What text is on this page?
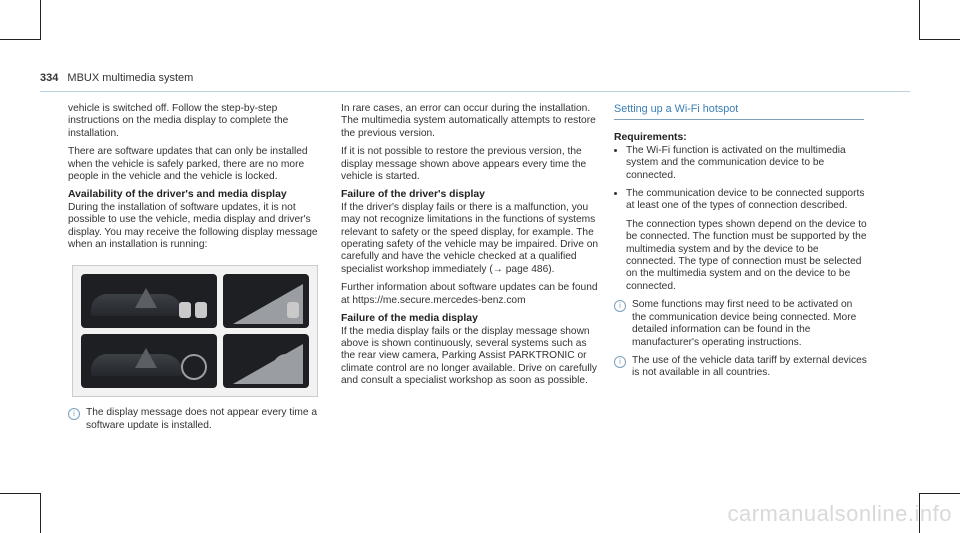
334 MBUX multimedia system

vehicle is switched off. Follow the step-by-step instructions on the media display to complete the installation.

There are software updates that can only be installed when the vehicle is safely parked, there are no more people in the vehicle and the vehicle is locked.

Availability of the driver's and media display

During the installation of software updates, it is not possible to use the vehicle, media display and driver's display. You may receive the following display message when an installation is running:

i	The display message does not appear every time a software update is installed.

In rare cases, an error can occur during the installation. The multimedia system automatically attempts to restore the previous version.

If it is not possible to restore the previous version, the display message shown above appears every time the vehicle is started.

Failure of the driver's display

If the driver's display fails or there is a malfunction, you may not recognize limitations in the functions of systems relevant to safety or the speed display, for example. The operating safety of the vehicle may be impaired. Drive on carefully and have the vehicle checked at a qualified specialist workshop immediately (→ page 486).

Further information about software updates can be found at https://me.secure.mercedes-benz.com

Failure of the media display

If the media display fails or the display message shown above is shown continuously, several systems such as the rear view camera, Parking Assist PARKTRONIC or climate control are no longer available. Drive on carefully and consult a specialist workshop as soon as possible.

Setting up a Wi-Fi hotspot
Requirements:
• The Wi-Fi function is activated on the multimedia system and the communication device to be connected.
• The communication device to be connected supports at least one of the types of connection described.
The connection types shown depend on the device to be connected. The function must be supported by the multimedia system and by the device to be connected. The type of connection must be selected on the multimedia system and on the device to be connected.
i	Some functions may first need to be activated on the communication device being connected. More detailed information can be found in the manufacturer's operating instructions.
i	The use of the vehicle data tariff by external devices is not available in all countries.
carmanualsonline.info
